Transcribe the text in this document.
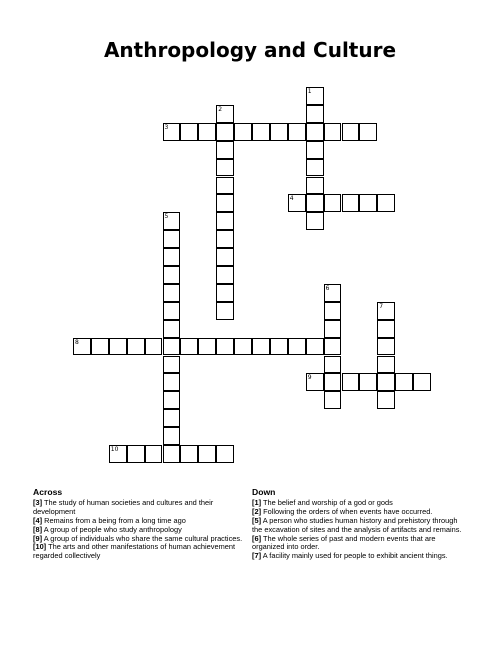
Anthropology and Culture
1
2
3
4
5
6
7
8
9
10
Across

[3] The study of human societies and cultures and their development

[4] Remains from a being from a long time ago

[8] A group of people who study anthropology

[9] A group of individuals who share the same cultural practices.

[10] The arts and other manifestations of human achievement regarded collectively

Down

[1] The belief and worship of a god or gods

[2] Following the orders of when events have occurred.

[5] A person who studies human history and prehistory through the excavation of sites and the analysis of artifacts and remains.

[6] The whole series of past and modern events that are organized into order.

[7] A facility mainly used for people to exhibit ancient things.
